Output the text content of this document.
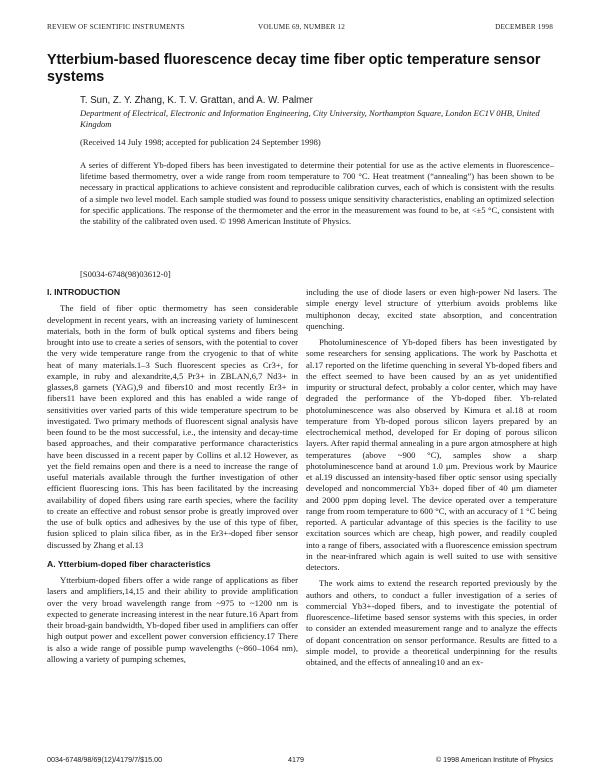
REVIEW OF SCIENTIFIC INSTRUMENTS	VOLUME 69, NUMBER 12	DECEMBER 1998
Ytterbium-based fluorescence decay time fiber optic temperature sensor systems
T. Sun, Z. Y. Zhang, K. T. V. Grattan, and A. W. Palmer
Department of Electrical, Electronic and Information Engineering, City University, Northampton Square, London EC1V 0HB, United Kingdom
(Received 14 July 1998; accepted for publication 24 September 1998)
A series of different Yb-doped fibers has been investigated to determine their potential for use as the active elements in fluorescence–lifetime based thermometry, over a wide range from room temperature to 700 °C. Heat treatment (“annealing”) has been shown to be necessary in practical applications to achieve consistent and reproducible calibration curves, each of which is consistent with the results of a simple two level model. Each sample studied was found to possess unique sensitivity characteristics, enabling an optimized selection for specific applications. The response of the thermometer and the error in the measurement was found to be, at <±5 °C, consistent with the stability of the calibrated oven used. © 1998 American Institute of Physics.
[S0034-6748(98)03612-0]
I. INTRODUCTION

The field of fiber optic thermometry has seen considerable development in recent years, with an increasing variety of luminescent materials, both in the form of bulk optical systems and fibers being brought into use to create a series of sensors, with the potential to cover the very wide temperature range from the cryogenic to that of white heat of many materials.1–3 Such fluorescent species as Cr3+, for example, in ruby and alexandrite,4,5 Pr3+ in ZBLAN,6,7 Nd3+ in glasses,8 garnets (YAG),9 and fibers10 and most recently Er3+ in fibers11 have been explored and this has enabled a wide range of sensitivities over varied parts of this wide temperature spectrum to be investigated. Two primary methods of fluorescent signal analysis have been found to be the most successful, i.e., the intensity and decay-time based approaches, and their comparative performance characteristics have been discussed in a recent paper by Collins et al.12 However, as yet the field remains open and there is a need to increase the range of useful materials available through the further investigation of other efficient fluorescing ions. This has been facilitated by the increasing availability of doped fibers using rare earth species, where the facility to create an effective and robust sensor probe is greatly improved over the use of bulk optics and adhesives by the use of this type of fiber, fusion spliced to plain silica fiber, as in the Er3+-doped fiber sensor discussed by Zhang et al.13

A. Ytterbium-doped fiber characteristics

Ytterbium-doped fibers offer a wide range of applications as fiber lasers and amplifiers,14,15 and their ability to provide amplification over the very broad wavelength range from ~975 to ~1200 nm is expected to generate increasing interest in the near future.16 Apart from their broad-gain bandwidth, Yb-doped fiber used in amplifiers can offer high output power and excellent power conversion efficiency.17 There is also a wide range of possible pump wavelengths (~860–1064 nm), allowing a variety of pumping schemes,

including the use of diode lasers or even high-power Nd lasers. The simple energy level structure of ytterbium avoids problems like multiphonon decay, excited state absorption, and concentration quenching.

Photoluminescence of Yb-doped fibers has been investigated by some researchers for sensing applications. The work by Paschotta et al.17 reported on the lifetime quenching in several Yb-doped fibers and the effect seemed to have been caused by an as yet unidentified impurity or structural defect, probably a color center, which may have degraded the performance of the Yb-doped fiber. Yb-related photoluminescence was also observed by Kimura et al.18 at room temperature from Yb-doped porous silicon layers prepared by an electrochemical method, developed for Er doping of porous silicon layers. After rapid thermal annealing in a pure argon atmosphere at high temperatures (above ~900 °C), samples show a sharp photoluminescence band at around 1.0 μm. Previous work by Maurice et al.19 discussed an intensity-based fiber optic sensor using specially developed and noncommercial Yb3+ doped fiber of 40 μm diameter and 2000 ppm doping level. The device operated over a temperature range from room temperature to 600 °C, with an accuracy of 1 °C being reported. A particular advantage of this species is the facility to use excitation sources which are cheap, high power, and readily coupled into a range of fibers, associated with a fluorescence emission spectrum in the near-infrared which again is well suited to use with sensitive detectors.

The work aims to extend the research reported previously by the authors and others, to conduct a fuller investigation of a series of commercial Yb3+-doped fibers, and to investigate the potential of fluorescence–lifetime based sensor systems with this species, in order to consider an extended measurement range and to analyze the effects of dopant concentration on sensor performance. Results are fitted to a simple model, to provide a theoretical underpinning for the results obtained, and the effects of annealing10 and an ex-

0034-6748/98/69(12)/4179/7/$15.00	4179	© 1998 American Institute of Physics
